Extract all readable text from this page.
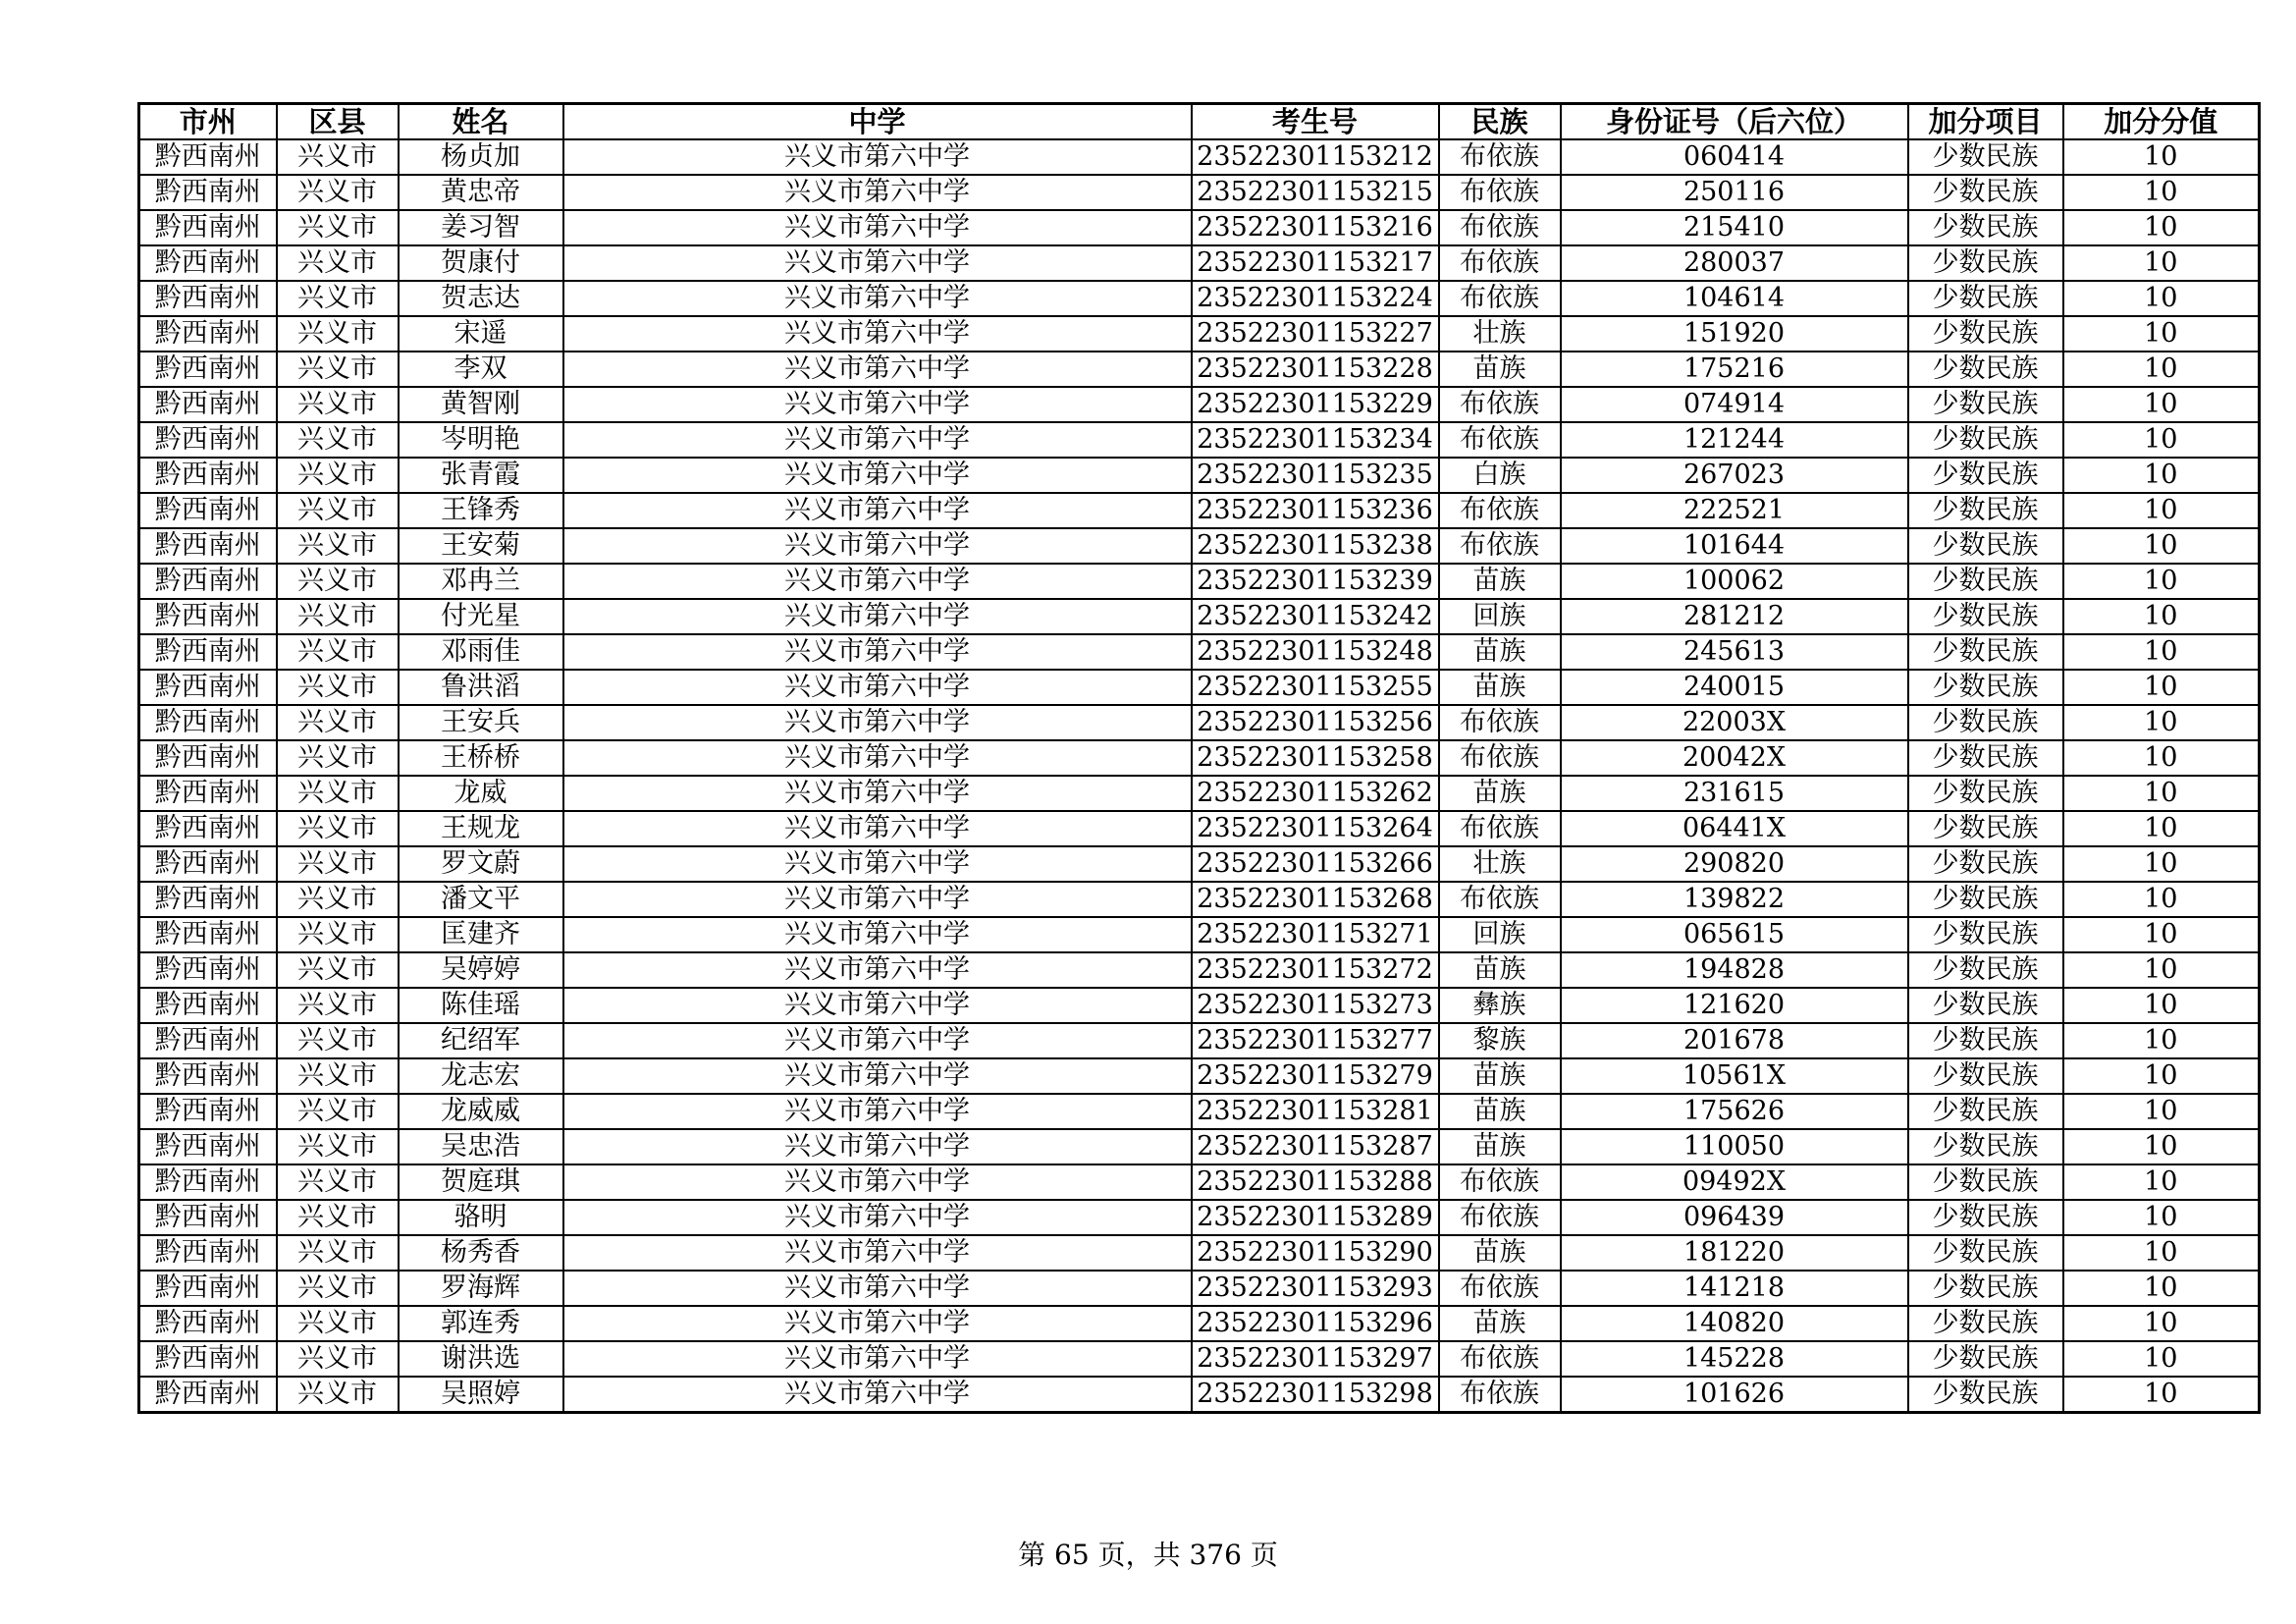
市州	区县	姓名	中学	考生号	民族	身份证号（后六位）	加分项目	加分分值
黔西南州	兴义市	杨贞加	兴义市第六中学	23522301153212	布依族	060414	少数民族	10
黔西南州	兴义市	黄忠帝	兴义市第六中学	23522301153215	布依族	250116	少数民族	10
黔西南州	兴义市	姜习智	兴义市第六中学	23522301153216	布依族	215410	少数民族	10
黔西南州	兴义市	贺康付	兴义市第六中学	23522301153217	布依族	280037	少数民族	10
黔西南州	兴义市	贺志达	兴义市第六中学	23522301153224	布依族	104614	少数民族	10
黔西南州	兴义市	宋遥	兴义市第六中学	23522301153227	壮族	151920	少数民族	10
黔西南州	兴义市	李双	兴义市第六中学	23522301153228	苗族	175216	少数民族	10
黔西南州	兴义市	黄智刚	兴义市第六中学	23522301153229	布依族	074914	少数民族	10
黔西南州	兴义市	岑明艳	兴义市第六中学	23522301153234	布依族	121244	少数民族	10
黔西南州	兴义市	张青霞	兴义市第六中学	23522301153235	白族	267023	少数民族	10
黔西南州	兴义市	王锋秀	兴义市第六中学	23522301153236	布依族	222521	少数民族	10
黔西南州	兴义市	王安菊	兴义市第六中学	23522301153238	布依族	101644	少数民族	10
黔西南州	兴义市	邓冉兰	兴义市第六中学	23522301153239	苗族	100062	少数民族	10
黔西南州	兴义市	付光星	兴义市第六中学	23522301153242	回族	281212	少数民族	10
黔西南州	兴义市	邓雨佳	兴义市第六中学	23522301153248	苗族	245613	少数民族	10
黔西南州	兴义市	鲁洪滔	兴义市第六中学	23522301153255	苗族	240015	少数民族	10
黔西南州	兴义市	王安兵	兴义市第六中学	23522301153256	布依族	22003X	少数民族	10
黔西南州	兴义市	王桥桥	兴义市第六中学	23522301153258	布依族	20042X	少数民族	10
黔西南州	兴义市	龙威	兴义市第六中学	23522301153262	苗族	231615	少数民族	10
黔西南州	兴义市	王规龙	兴义市第六中学	23522301153264	布依族	06441X	少数民族	10
黔西南州	兴义市	罗文蔚	兴义市第六中学	23522301153266	壮族	290820	少数民族	10
黔西南州	兴义市	潘文平	兴义市第六中学	23522301153268	布依族	139822	少数民族	10
黔西南州	兴义市	匡建齐	兴义市第六中学	23522301153271	回族	065615	少数民族	10
黔西南州	兴义市	吴婷婷	兴义市第六中学	23522301153272	苗族	194828	少数民族	10
黔西南州	兴义市	陈佳瑶	兴义市第六中学	23522301153273	彝族	121620	少数民族	10
黔西南州	兴义市	纪绍军	兴义市第六中学	23522301153277	黎族	201678	少数民族	10
黔西南州	兴义市	龙志宏	兴义市第六中学	23522301153279	苗族	10561X	少数民族	10
黔西南州	兴义市	龙威威	兴义市第六中学	23522301153281	苗族	175626	少数民族	10
黔西南州	兴义市	吴忠浩	兴义市第六中学	23522301153287	苗族	110050	少数民族	10
黔西南州	兴义市	贺庭琪	兴义市第六中学	23522301153288	布依族	09492X	少数民族	10
黔西南州	兴义市	骆明	兴义市第六中学	23522301153289	布依族	096439	少数民族	10
黔西南州	兴义市	杨秀香	兴义市第六中学	23522301153290	苗族	181220	少数民族	10
黔西南州	兴义市	罗海辉	兴义市第六中学	23522301153293	布依族	141218	少数民族	10
黔西南州	兴义市	郭连秀	兴义市第六中学	23522301153296	苗族	140820	少数民族	10
黔西南州	兴义市	谢洪选	兴义市第六中学	23522301153297	布依族	145228	少数民族	10
黔西南州	兴义市	吴照婷	兴义市第六中学	23522301153298	布依族	101626	少数民族	10
第 65 页，共 376 页
